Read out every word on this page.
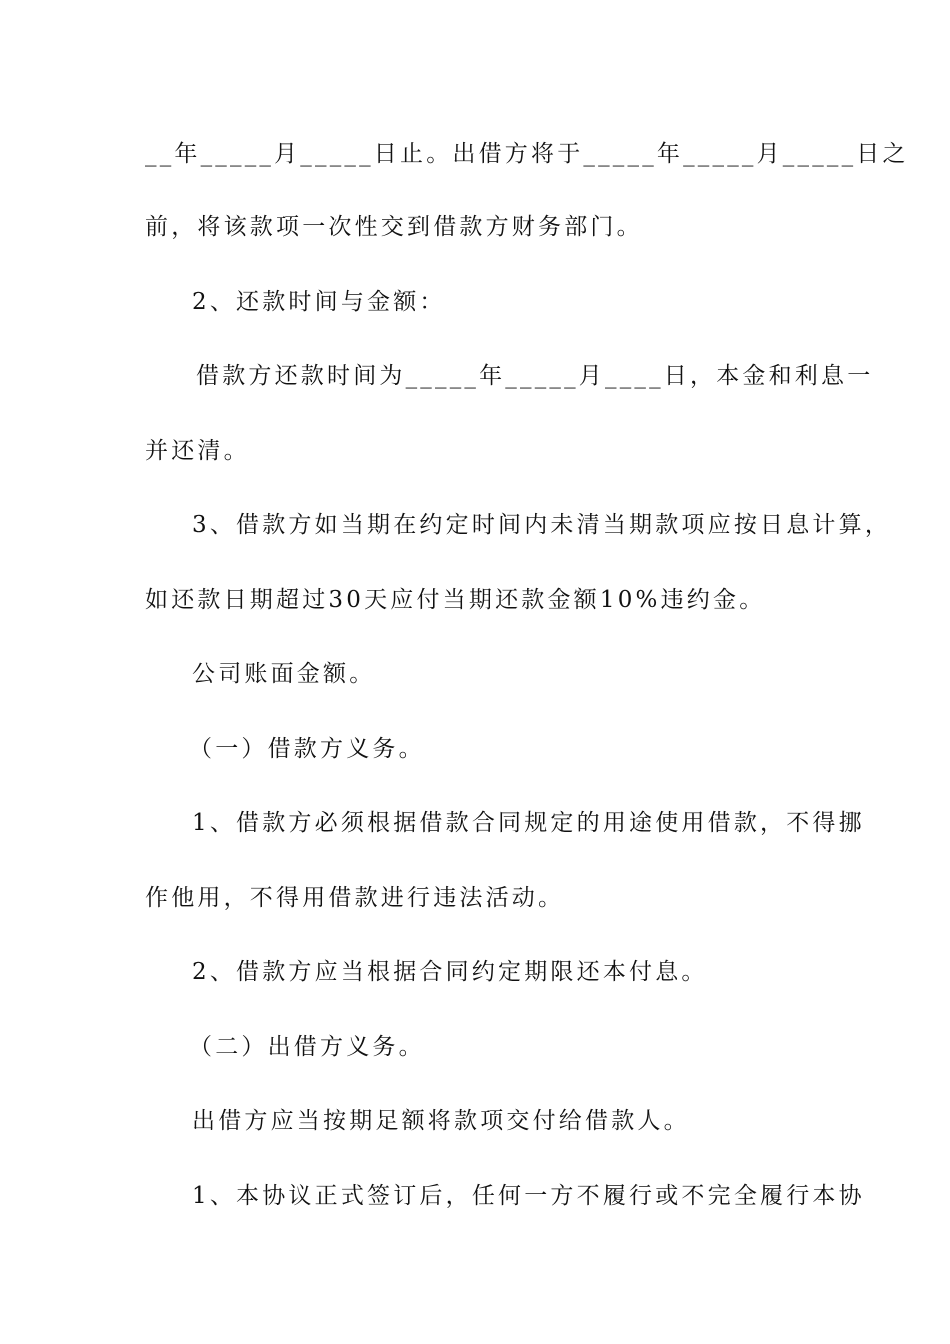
__年_____月_____日止。出借方将于_____年_____月_____日之
前，将该款项一次性交到借款方财务部门。
2、还款时间与金额：
借款方还款时间为_____年_____月____日，本金和利息一
并还清。
3、借款方如当期在约定时间内未清当期款项应按日息计算，
如还款日期超过30天应付当期还款金额10%违约金。
公司账面金额。
（一）借款方义务。
1、借款方必须根据借款合同规定的用途使用借款，不得挪
作他用，不得用借款进行违法活动。
2、借款方应当根据合同约定期限还本付息。
（二）出借方义务。
出借方应当按期足额将款项交付给借款人。
1、本协议正式签订后，任何一方不履行或不完全履行本协
